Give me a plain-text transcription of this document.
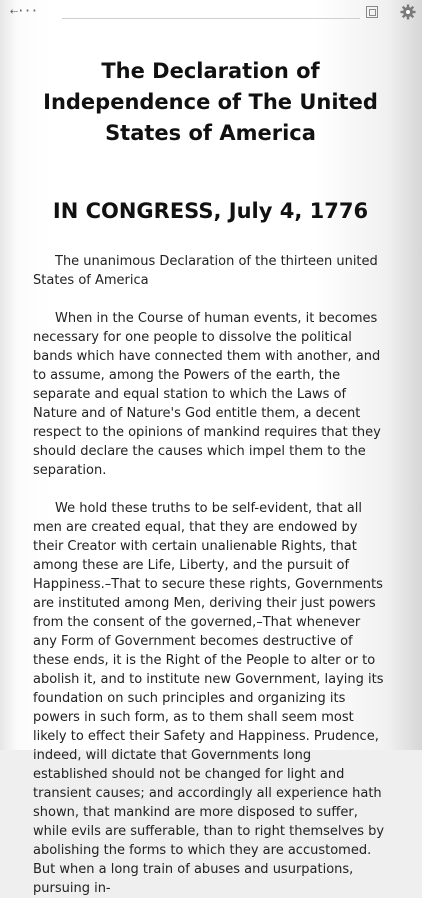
⇠···
The Declaration of Independence of The United States of America
IN CONGRESS, July 4, 1776

The unanimous Declaration of the thirteen united States of America

When in the Course of human events, it becomes necessary for one people to dissolve the political bands which have connected them with another, and to assume, among the Powers of the earth, the separate and equal station to which the Laws of Nature and of Nature's God entitle them, a decent respect to the opinions of mankind requires that they should declare the causes which impel them to the separation.

We hold these truths to be self-evident, that all men are created equal, that they are endowed by their Creator with certain unalienable Rights, that among these are Life, Liberty, and the pursuit of Happiness.–That to secure these rights, Governments are instituted among Men, deriving their just powers from the consent of the governed,–That whenever any Form of Government becomes destructive of these ends, it is the Right of the People to alter or to abolish it, and to institute new Government, laying its foundation on such principles and organizing its powers in such form, as to them shall seem most likely to effect their Safety and Happiness. Prudence, indeed, will dictate that Governments long established should not be changed for light and transient causes; and accordingly all experience hath shown, that mankind are more disposed to suffer, while evils are sufferable, than to right themselves by abolishing the forms to which they are accustomed. But when a long train of abuses and usurpations, pursuing in-
